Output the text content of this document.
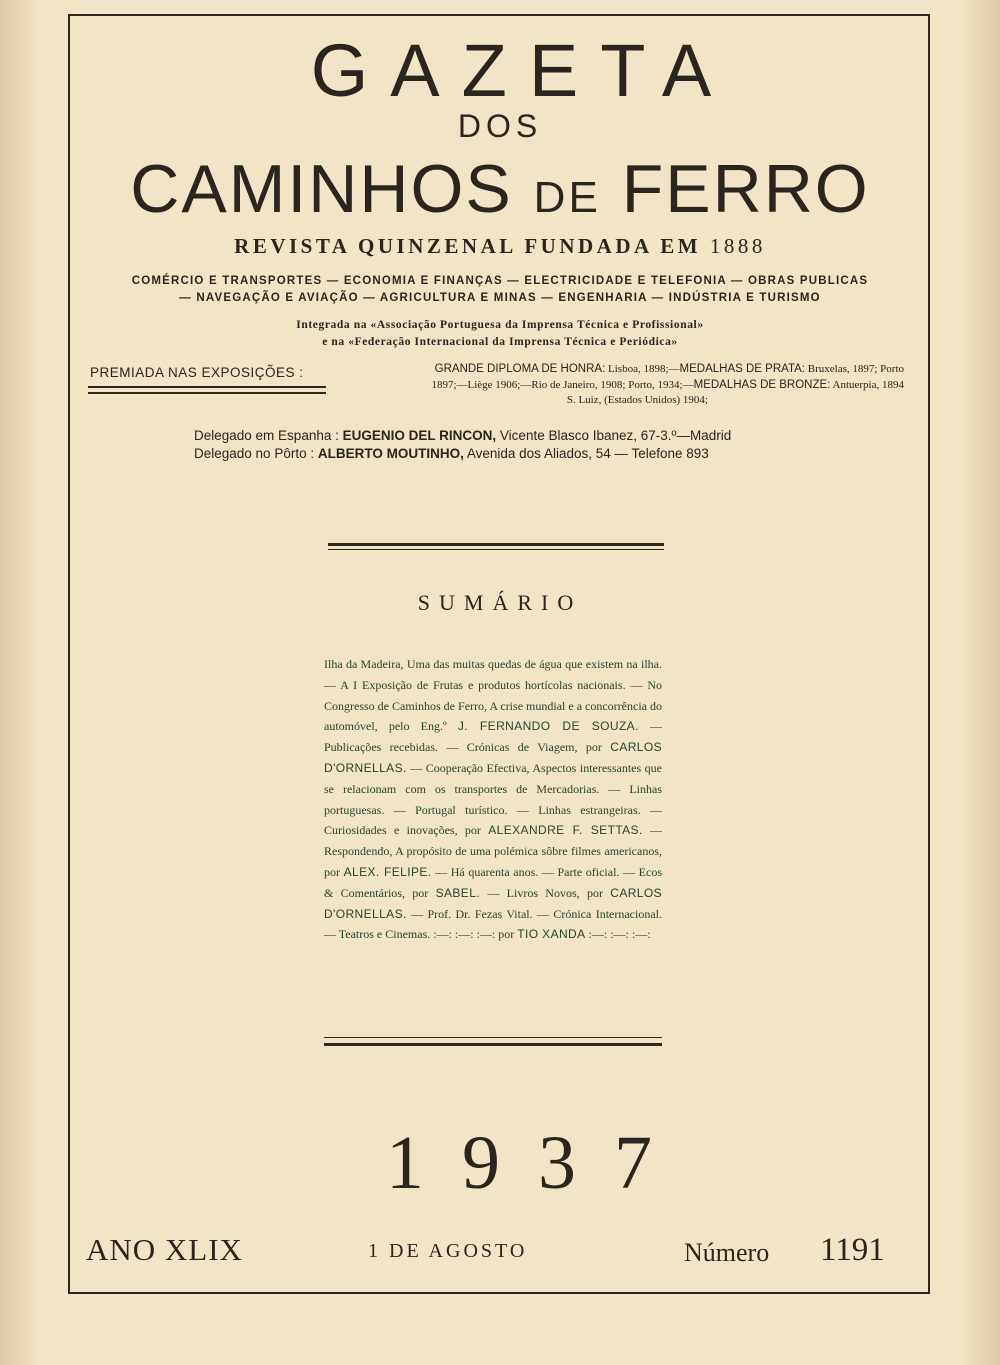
GAZETA
DOS
CAMINHOS DE FERRO
REVISTA QUINZENAL FUNDADA EM 1888
COMÉRCIO E TRANSPORTES — ECONOMIA E FINANÇAS — ELECTRICIDADE E TELEFONIA — OBRAS PUBLICAS
— NAVEGAÇÃO E AVIAÇÃO — AGRICULTURA E MINAS — ENGENHARIA — INDÚSTRIA E TURISMO
Integrada na «Associação Portuguesa da Imprensa Técnica e Profissional»
e na «Federação Internacional da Imprensa Técnica e Periódica»
PREMIADA NAS EXPOSIÇÕES :	GRANDE DIPLOMA DE HONRA: Lisboa, 1898;—MEDALHAS DE PRATA: Bruxelas, 1897; Porto
1897;—Liège 1906;—Rio de Janeiro, 1908; Porto, 1934;—MEDALHAS DE BRONZE: Antuerpia, 1894
S. Luiz, (Estados Unidos) 1904;
Delegado em Espanha : EUGENIO DEL RINCON, Vicente Blasco Ibanez, 67-3.º—Madrid
Delegado no Pôrto : ALBERTO MOUTINHO, Avenida dos Aliados, 54 — Telefone 893
SUMÁRIO
Ilha da Madeira, Uma das muitas quedas de água que existem na ilha. — A I Exposição de Frutas e produtos hortícolas nacionais. — No Congresso de Caminhos de Ferro, A crise mundial e a concorrência do automóvel, pelo Eng.º J. FERNANDO DE SOUZA. — Publicações recebidas. — Crónicas de Viagem, por CARLOS D'ORNELLAS. — Cooperação Efectiva, Aspectos interessantes que se relacionam com os transportes de Mercadorias. — Linhas portuguesas. — Portugal turístico. — Linhas estrangeiras. — Curiosidades e inovações, por ALEXANDRE F. SETTAS. — Respondendo, A propósito de uma polémica sôbre filmes americanos, por ALEX. FELIPE. — Há quarenta anos. — Parte oficial. — Ecos & Comentários, por SABEL. — Livros Novos, por CARLOS D'ORNELLAS. — Prof. Dr. Fezas Vital. — Crónica Internacional. — Teatros e Cinemas. :—: :—: :—: por TIO XANDA :—: :—: :—:
1937
ANO XLIX	1 DE AGOSTO	Número 1191
